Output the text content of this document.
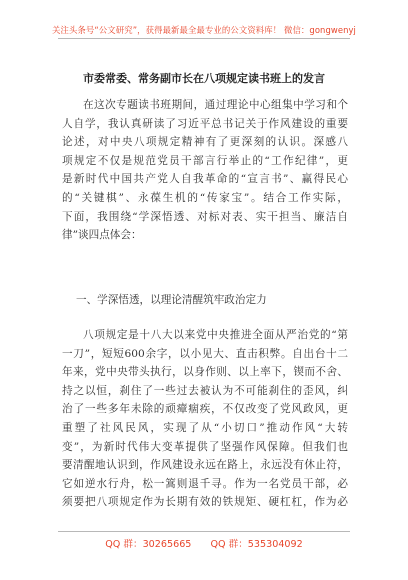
关注头条号“公文研究”，获得最新最全最专业的公文资料库！ 微信：gongwenyj
市委常委、常务副市长在八项规定读书班上的发言
在这次专题读书班期间，通过理论中心组集中学习和个
人自学，我认真研读了习近平总书记关于作风建设的重要
论述，对中央八项规定精神有了更深刻的认识。深感八
项规定不仅是规范党员干部言行举止的“工作纪律”，更
是新时代中国共产党人自我革命的“宣言书”、赢得民心
的“关键棋”、永葆生机的“传家宝”。结合工作实际，
下面，我围绕“学深悟透、对标对表、实干担当、廉洁自
律”谈四点体会：
一、学深悟透，以理论清醒筑牢政治定力
八项规定是十八大以来党中央推进全面从严治党的“第
一刀”，短短600余字，以小见大、直击积弊。自出台十二
年来，党中央带头执行，以身作则、以上率下，锲而不舍、
持之以恒，刹住了一些过去被认为不可能刹住的歪风，纠
治了一些多年未除的顽瘴痼疾，不仅改变了党风政风，更
重塑了社风民风，实现了从“小切口”推动作风“大转
变”，为新时代伟大变革提供了坚强作风保障。但我们也
要清醒地认识到，作风建设永远在路上，永远没有休止符，
它如逆水行舟，松一篙则退千寻。作为一名党员干部，必
须要把八项规定作为长期有效的铁规矩、硬杠杠，作为必
QQ 群：30265665 QQ 群：535304092
